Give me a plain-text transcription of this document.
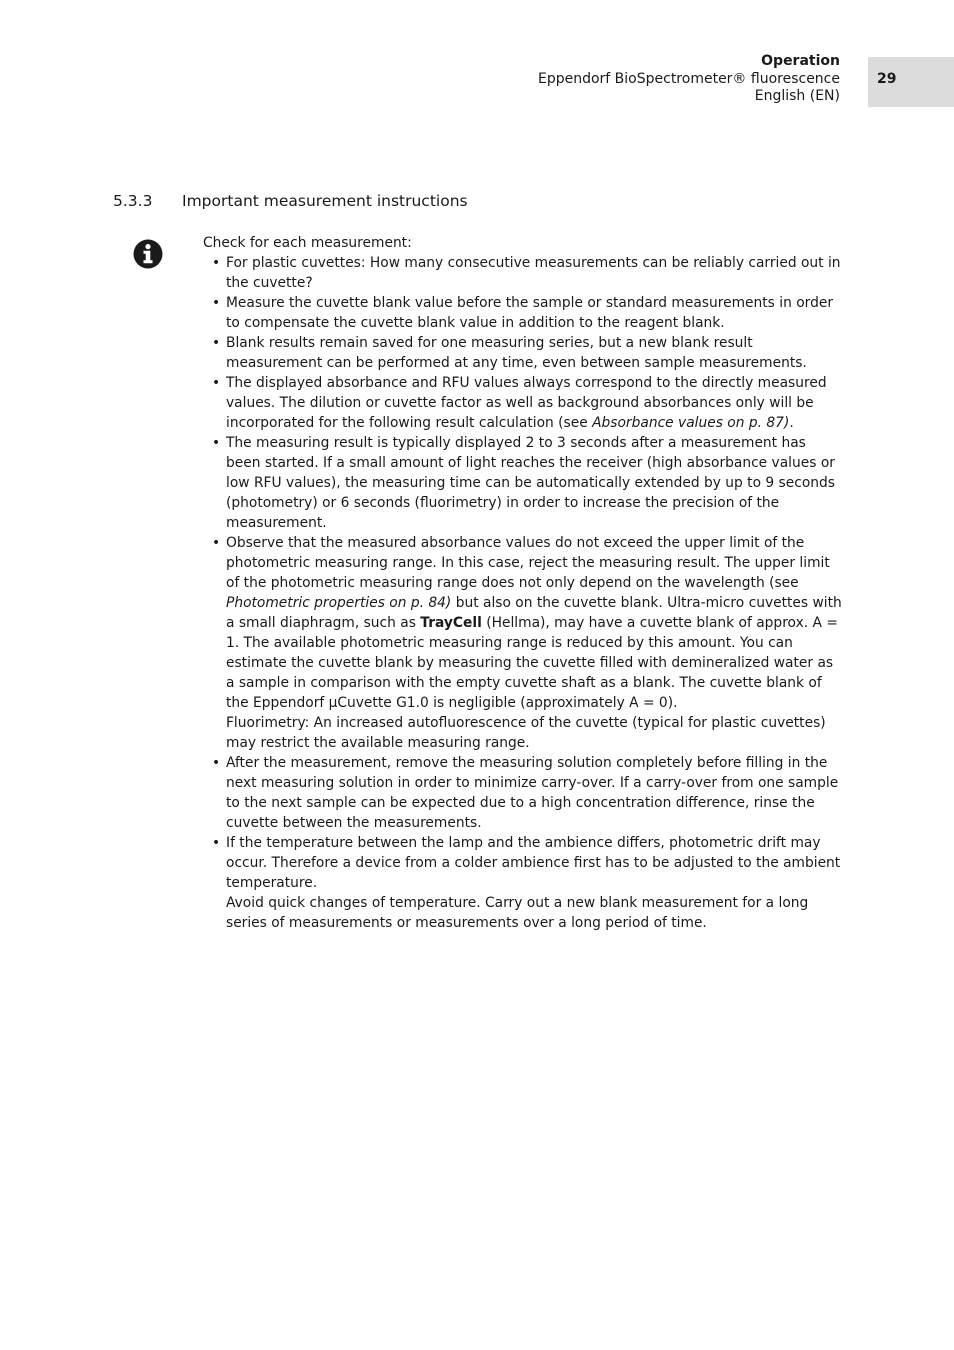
Operation
Eppendorf BioSpectrometer® fluorescence
English (EN)
29
5.3.3 Important measurement instructions

Check for each measurement:

• For plastic cuvettes: How many consecutive measurements can be reliably carried out in the cuvette?
• Measure the cuvette blank value before the sample or standard measurements in order to compensate the cuvette blank value in addition to the reagent blank.
• Blank results remain saved for one measuring series, but a new blank result measurement can be performed at any time, even between sample measurements.
• The displayed absorbance and RFU values always correspond to the directly measured values. The dilution or cuvette factor as well as background absorbances only will be incorporated for the following result calculation (see Absorbance values on p. 87).
• The measuring result is typically displayed 2 to 3 seconds after a measurement has been started. If a small amount of light reaches the receiver (high absorbance values or low RFU values), the measuring time can be automatically extended by up to 9 seconds (photometry) or 6 seconds (fluorimetry) in order to increase the precision of the measurement.

• Observe that the measured absorbance values do not exceed the upper limit of the photometric measuring range. In this case, reject the measuring result. The upper limit of the photometric measuring range does not only depend on the wavelength (see Photometric properties on p. 84) but also on the cuvette blank. Ultra-micro cuvettes with a small diaphragm, such as TrayCell (Hellma), may have a cuvette blank of approx. A = 1. The available photometric measuring range is reduced by this amount. You can estimate the cuvette blank by measuring the cuvette filled with demineralized water as a sample in comparison with the empty cuvette shaft as a blank. The cuvette blank of the Eppendorf µCuvette G1.0 is negligible (approximately A = 0).

Fluorimetry: An increased autofluorescence of the cuvette (typical for plastic cuvettes) may restrict the available measuring range.

• After the measurement, remove the measuring solution completely before filling in the next measuring solution in order to minimize carry-over. If a carry-over from one sample to the next sample can be expected due to a high concentration difference, rinse the cuvette between the measurements.

• If the temperature between the lamp and the ambience differs, photometric drift may occur. Therefore a device from a colder ambience first has to be adjusted to the ambient temperature.

Avoid quick changes of temperature. Carry out a new blank measurement for a long series of measurements or measurements over a long period of time.
